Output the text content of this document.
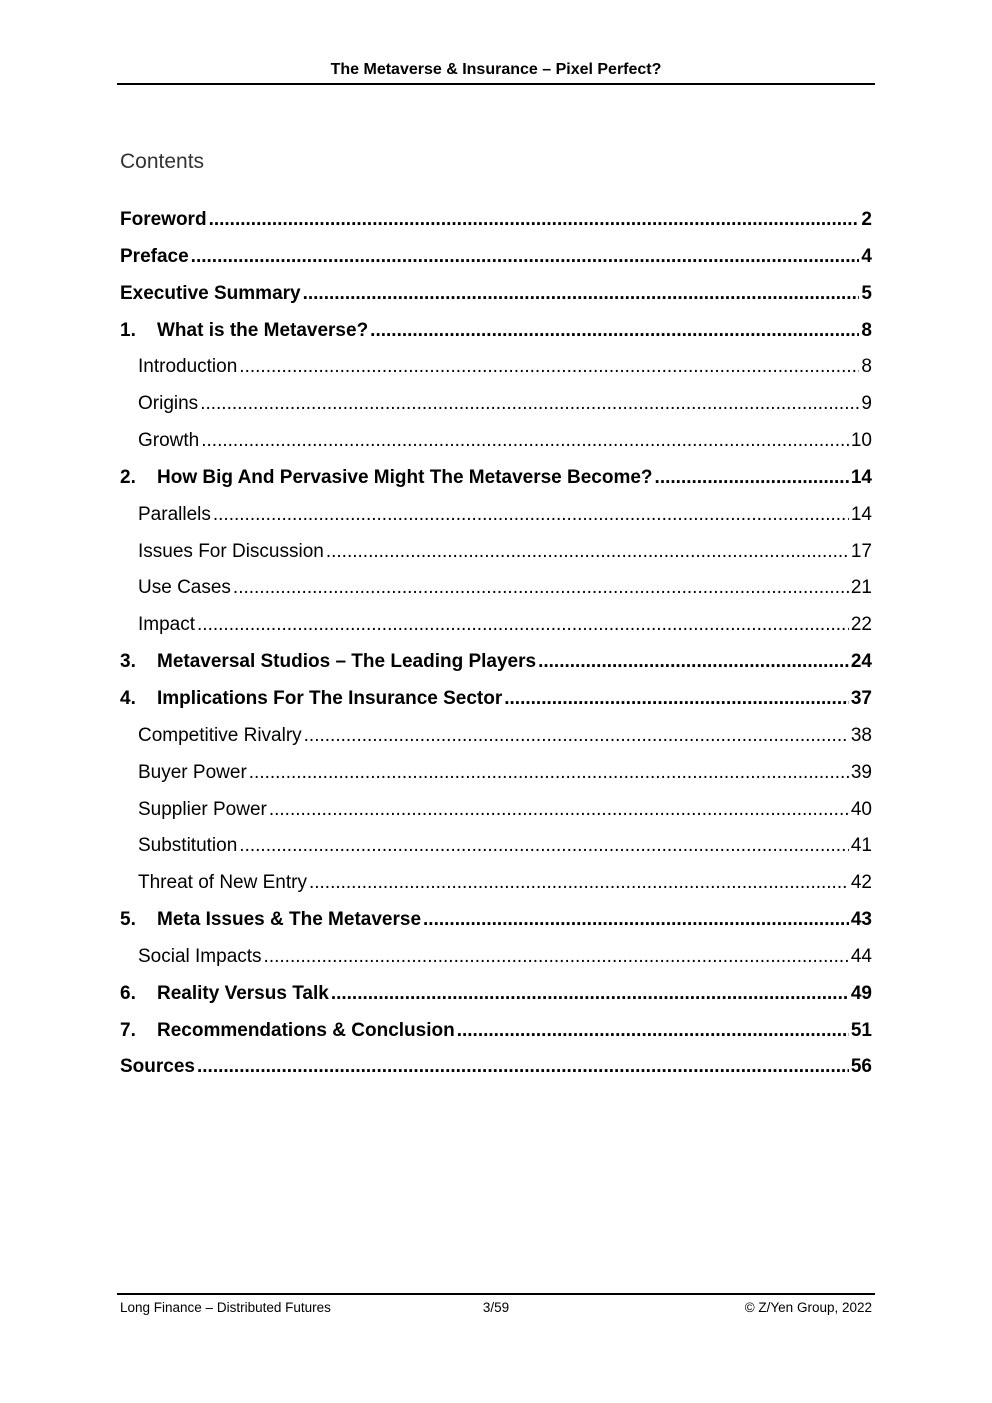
The Metaverse & Insurance – Pixel Perfect?
Contents
Foreword .....	2
Preface .....	4
Executive Summary .....	5
1.	What is the Metaverse? .....	8
Introduction .....	8
Origins .....	9
Growth .....	10
2.	How Big And Pervasive Might The Metaverse Become? .....	14
Parallels .....	14
Issues For Discussion .....	17
Use Cases .....	21
Impact .....	22
3.	Metaversal Studios – The Leading Players .....	24
4.	Implications For The Insurance Sector .....	37
Competitive Rivalry .....	38
Buyer Power .....	39
Supplier Power .....	40
Substitution .....	41
Threat of New Entry .....	42
5.	Meta Issues & The Metaverse .....	43
Social Impacts .....	44
6.	Reality Versus Talk .....	49
7.	Recommendations & Conclusion .....	51
Sources .....	56
Long Finance – Distributed Futures	3/59	© Z/Yen Group, 2022
